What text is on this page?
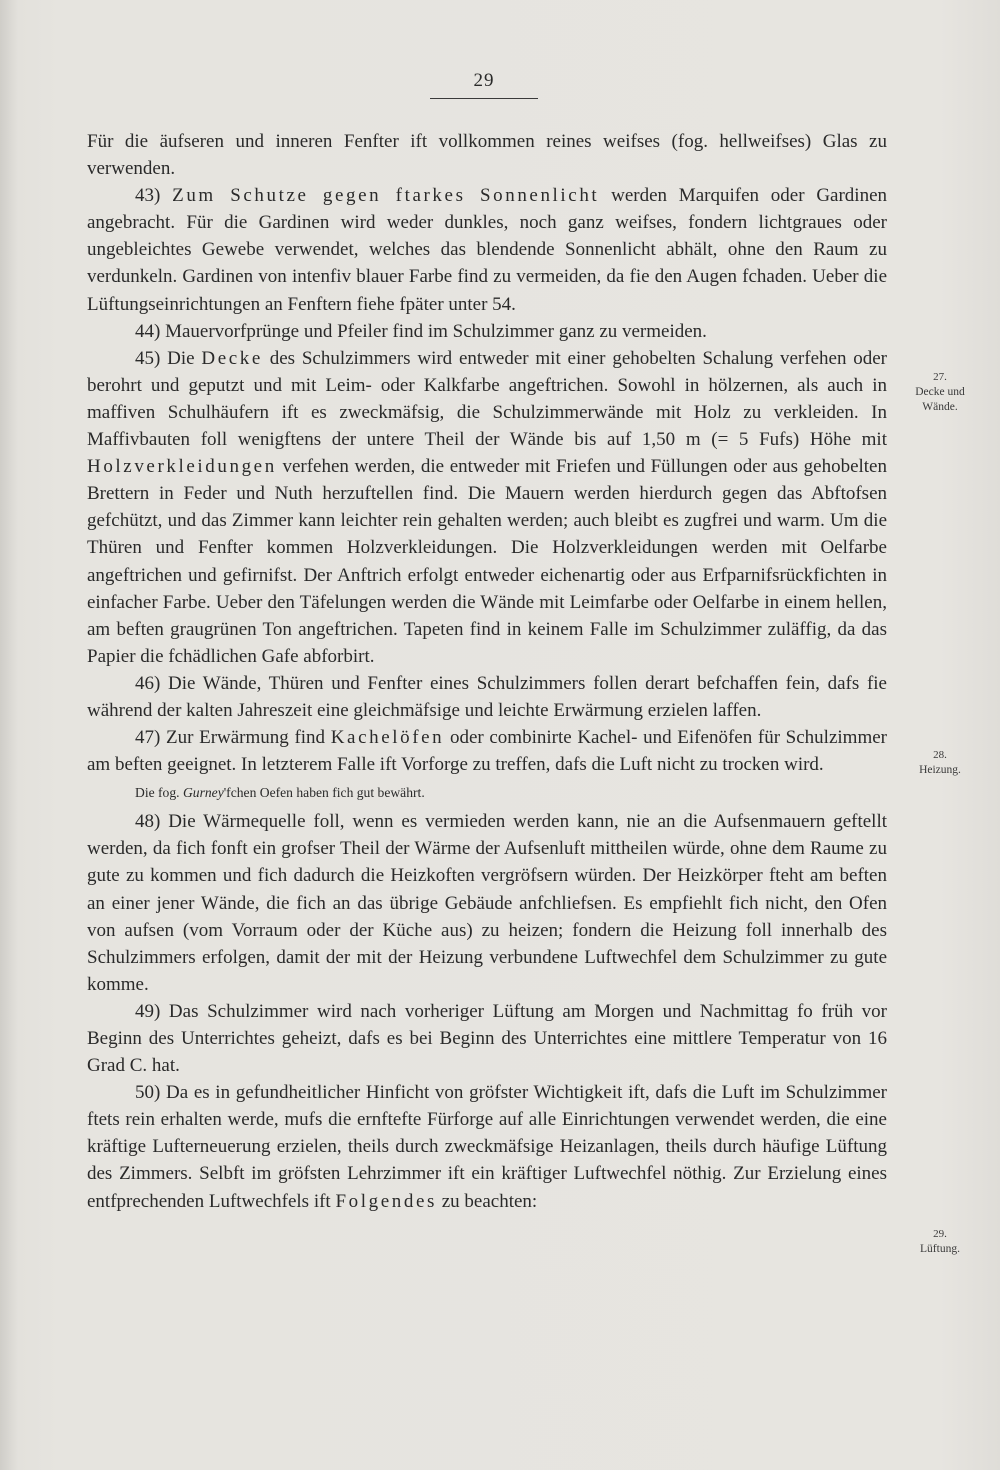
29

Für die äufseren und inneren Fenfter ift vollkommen reines weifses (fog. hellweifses) Glas zu verwenden.

43) Zum Schutze gegen ftarkes Sonnenlicht werden Marquifen oder Gardinen angebracht. Für die Gardinen wird weder dunkles, noch ganz weifses, fondern lichtgraues oder ungebleichtes Gewebe verwendet, welches das blendende Sonnenlicht abhält, ohne den Raum zu verdunkeln. Gardinen von intenfiv blauer Farbe find zu vermeiden, da fie den Augen fchaden. Ueber die Lüftungseinrichtungen an Fenftern fiehe fpäter unter 54.

44) Mauervorfprünge und Pfeiler find im Schulzimmer ganz zu vermeiden.

45) Die Decke des Schulzimmers wird entweder mit einer gehobelten Schalung verfehen oder berohrt und geputzt und mit Leim- oder Kalkfarbe angeftrichen. Sowohl in hölzernen, als auch in maffiven Schulhäufern ift es zweckmäfsig, die Schulzimmerwände mit Holz zu verkleiden. In Maffivbauten foll wenigftens der untere Theil der Wände bis auf 1,50 m (= 5 Fufs) Höhe mit Holzverkleidungen verfehen werden, die entweder mit Friefen und Füllungen oder aus gehobelten Brettern in Feder und Nuth herzuftellen find. Die Mauern werden hierdurch gegen das Abftofsen gefchützt, und das Zimmer kann leichter rein gehalten werden; auch bleibt es zugfrei und warm. Um die Thüren und Fenfter kommen Holzverkleidungen. Die Holzverkleidungen werden mit Oelfarbe angeftrichen und gefirnifst. Der Anftrich erfolgt entweder eichenartig oder aus Erfparnifsrückfichten in einfacher Farbe. Ueber den Täfelungen werden die Wände mit Leimfarbe oder Oelfarbe in einem hellen, am beften graugrünen Ton angeftrichen. Tapeten find in keinem Falle im Schulzimmer zuläffig, da das Papier die fchädlichen Gafe abforbirt.

46) Die Wände, Thüren und Fenfter eines Schulzimmers follen derart befchaffen fein, dafs fie während der kalten Jahreszeit eine gleichmäfsige und leichte Erwärmung erzielen laffen.

47) Zur Erwärmung find Kachelöfen oder combinirte Kachel- und Eifenöfen für Schulzimmer am beften geeignet. In letzterem Falle ift Vorforge zu treffen, dafs die Luft nicht zu trocken wird.

Die fog. Gurney'fchen Oefen haben fich gut bewährt.

48) Die Wärmequelle foll, wenn es vermieden werden kann, nie an die Aufsenmauern geftellt werden, da fich fonft ein grofser Theil der Wärme der Aufsenluft mittheilen würde, ohne dem Raume zu gute zu kommen und fich dadurch die Heizkoften vergröfsern würden. Der Heizkörper fteht am beften an einer jener Wände, die fich an das übrige Gebäude anfchliefsen. Es empfiehlt fich nicht, den Ofen von aufsen (vom Vorraum oder der Küche aus) zu heizen; fondern die Heizung foll innerhalb des Schulzimmers erfolgen, damit der mit der Heizung verbundene Luftwechfel dem Schulzimmer zu gute komme.

49) Das Schulzimmer wird nach vorheriger Lüftung am Morgen und Nachmittag fo früh vor Beginn des Unterrichtes geheizt, dafs es bei Beginn des Unterrichtes eine mittlere Temperatur von 16 Grad C. hat.

50) Da es in gefundheitlicher Hinficht von gröfster Wichtigkeit ift, dafs die Luft im Schulzimmer ftets rein erhalten werde, mufs die ernftefte Fürforge auf alle Einrichtungen verwendet werden, die eine kräftige Lufterneuerung erzielen, theils durch zweckmäfsige Heizanlagen, theils durch häufige Lüftung des Zimmers. Selbft im gröfsten Lehrzimmer ift ein kräftiger Luftwechfel nöthig. Zur Erzielung eines entfprechenden Luftwechfels ift Folgendes zu beachten:

27.
Decke und Wände.
28.
Heizung.
29.
Lüftung.
